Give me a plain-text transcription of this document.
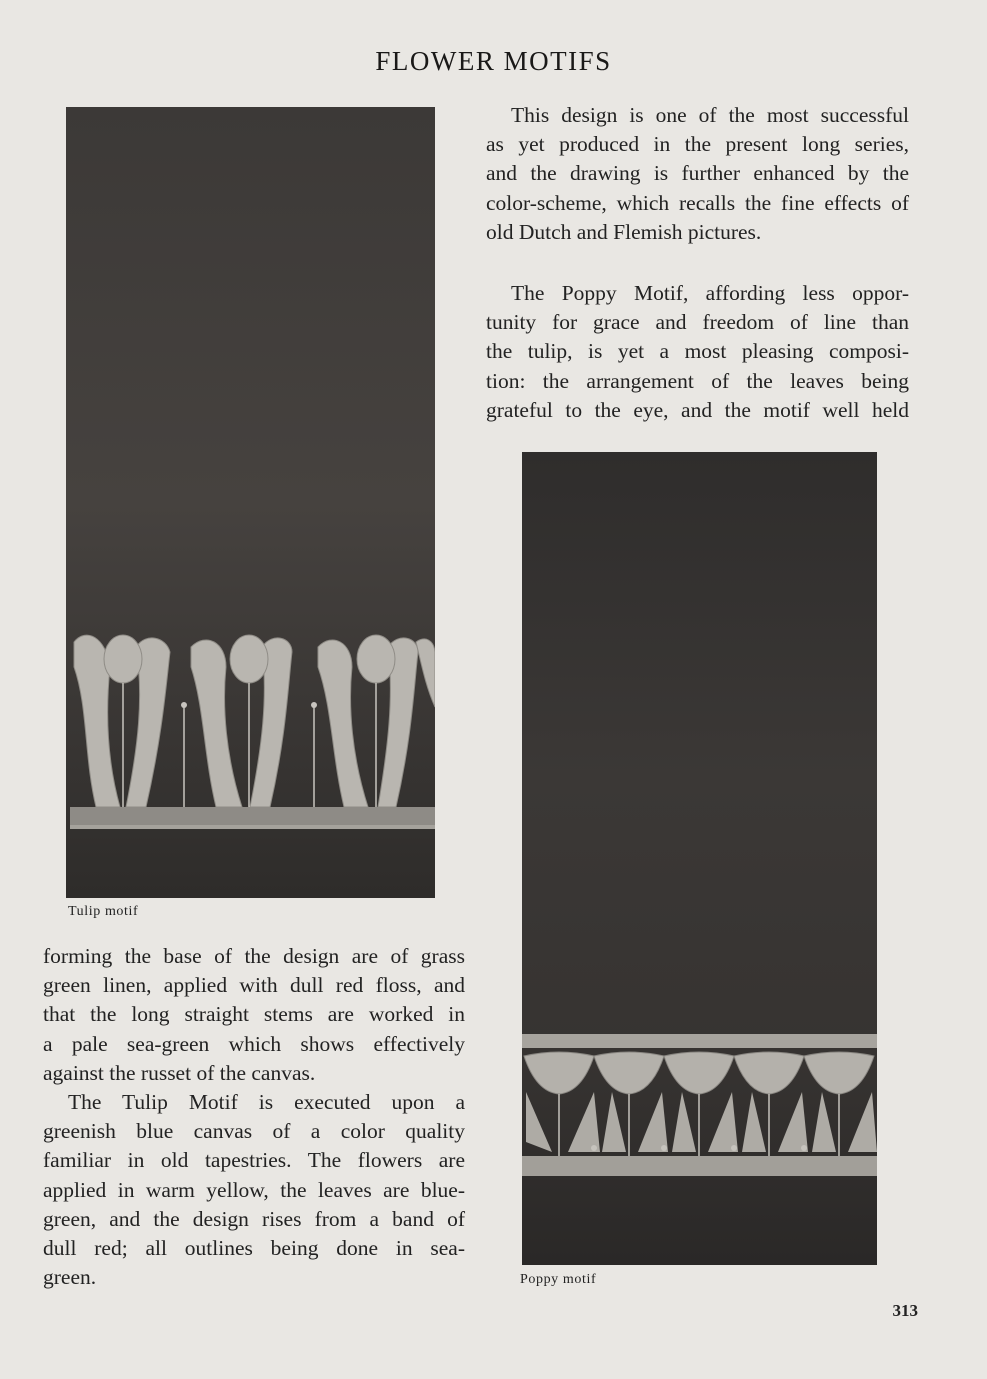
FLOWER MOTIFS
This design is one of the most successful
as yet produced in the present long series,
and the drawing is further enhanced by the
color-scheme, which recalls the fine effects of
old Dutch and Flemish pictures.
The Poppy Motif, affording less oppor-
tunity for grace and freedom of line than
the tulip, is yet a most pleasing composi-
tion: the arrangement of the leaves being
grateful to the eye, and the motif well held
Tulip motif
Poppy motif
forming the base of the design are of grass
green linen, applied with dull red floss, and
that the long straight stems are worked in
a pale sea-green which shows effectively
against the russet of the canvas.
The Tulip Motif is executed upon a
greenish blue canvas of a color quality
familiar in old tapestries. The flowers are
applied in warm yellow, the leaves are blue-
green, and the design rises from a band of
dull red; all outlines being done in sea-
green.
313
